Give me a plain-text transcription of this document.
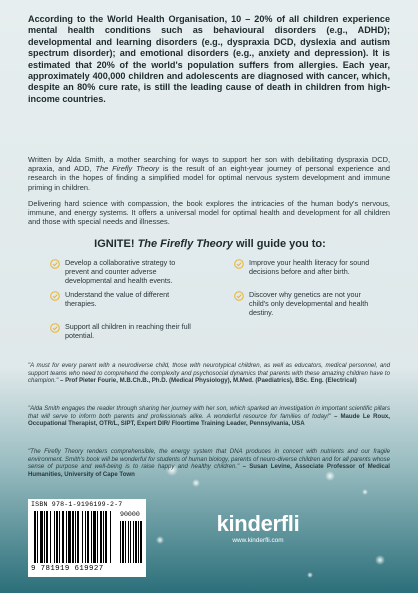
According to the World Health Organisation, 10 – 20% of all children experience mental health conditions such as behavioural disorders (e.g., ADHD); developmental and learning disorders (e.g., dyspraxia DCD, dyslexia and autism spectrum disorder); and emotional disorders (e.g., anxiety and depression). It is estimated that 20% of the world's population suffers from allergies. Each year, approximately 400,000 children and adolescents are diagnosed with cancer, which, despite an 80% cure rate, is still the leading cause of death in children from high-income countries.

Written by Alda Smith, a mother searching for ways to support her son with debilitating dyspraxia DCD, apraxia, and ADD, The Firefly Theory is the result of an eight-year journey of personal experience and research in the hopes of finding a simplified model for optimal nervous system development and immune priming in children.

Delivering hard science with compassion, the book explores the intricacies of the human body's nervous, immune, and energy systems. It offers a universal model for optimal health and development for all children and those with special needs and illnesses.

IGNITE! The Firefly Theory will guide you to:
Develop a collaborative strategy to prevent and counter adverse developmental and health events.
Improve your health literacy for sound decisions before and after birth.
Understand the value of different therapies.
Discover why genetics are not your child's only developmental and health destiny.
Support all children in reaching their full potential.

"A must for every parent with a neurodiverse child, those with neurotypical children, as well as educators, medical personnel, and support teams who need to comprehend the complexity and psychosocial dynamics that parents with these amazing children have to champion." – Prof Pieter Fourie, M.B.Ch.B., Ph.D. (Medical Physiology), M.Med. (Paediatrics), BSc. Eng. (Electrical)

"Alda Smith engages the reader through sharing her journey with her son, which sparked an investigation in important scientific pillars that will serve to inform both parents and professionals alike. A wonderful resource for families of today!" – Maude Le Roux, Occupational Therapist, OTR/L, SIPT, Expert DIR/ Floortime Training Leader, Pennsylvania, USA

"The Firefly Theory renders comprehensible, the energy system that DNA produces in concert with nutrients and our fragile environment. Smith's book will be wonderful for students of human biology, parents of neuro-diverse children and for all parents whose sense of purpose and well-being is to raise happy and healthy children." – Susan Levine, Associate Professor of Medical Humanities, University of Cape Town

ISBN 978-1-9196199-2-7
90000
9 781919 619927
kinderfli
www.kinderfli.com
